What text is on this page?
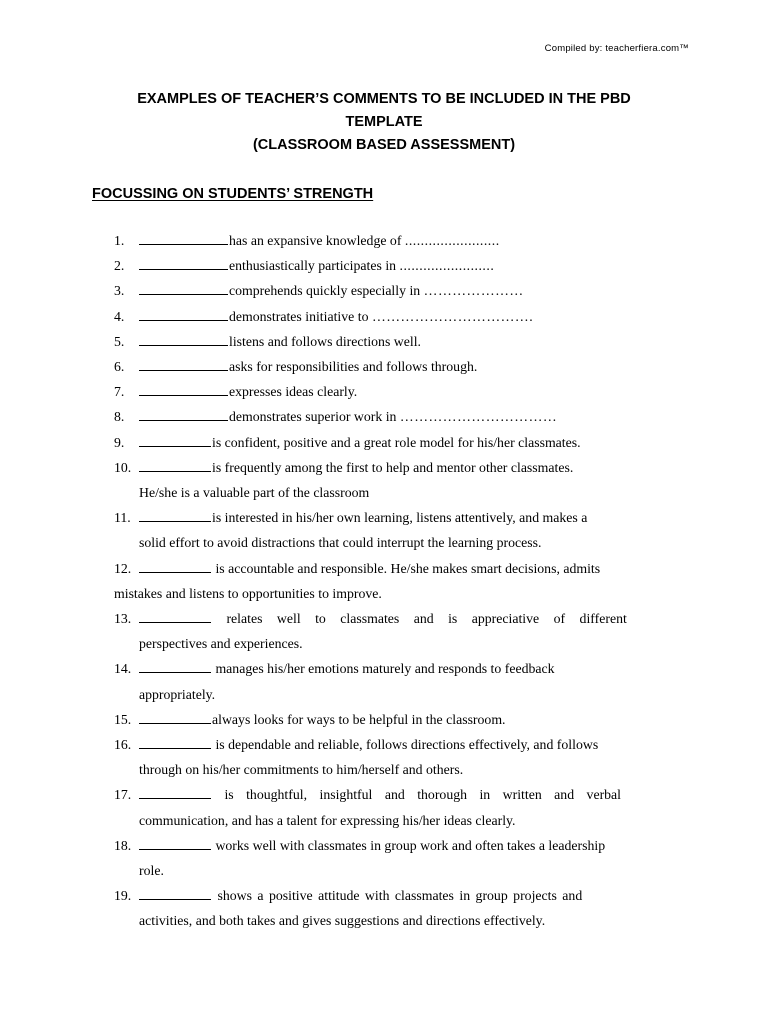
Compiled by: teacherfiera.com™
EXAMPLES OF TEACHER’S COMMENTS TO BE INCLUDED IN THE PBD
TEMPLATE
(CLASSROOM BASED ASSESSMENT)
FOCUSSING ON STUDENTS’ STRENGTH
1.	has an expansive knowledge of ........................
2.	enthusiastically participates in ........................
3.	comprehends quickly especially in …………………
4.	demonstrates initiative to …………………………….
5.	listens and follows directions well.
6.	asks for responsibilities and follows through.
7.	expresses ideas clearly.
8.	demonstrates superior work in ……………………………
9.	is confident, positive and a great role model for his/her classmates.
10.	is frequently among the first to help and mentor other classmates.
He/she is a valuable part of the classroom
11.	is interested in his/her own learning, listens attentively, and makes a
solid effort to avoid distractions that could interrupt the learning process.
12.	is accountable and responsible. He/she makes smart decisions, admits
mistakes and listens to opportunities to improve.
13.	relates well to classmates and is appreciative of different
perspectives and experiences.
14.	manages his/her emotions maturely and responds to feedback
appropriately.
15.	always looks for ways to be helpful in the classroom.
16.	is dependable and reliable, follows directions effectively, and follows
through on his/her commitments to him/herself and others.
17.	is thoughtful, insightful and thorough in written and verbal
communication, and has a talent for expressing his/her ideas clearly.
18.	works well with classmates in group work and often takes a leadership
role.
19.	shows a positive attitude with classmates in group projects and
activities, and both takes and gives suggestions and directions effectively.
